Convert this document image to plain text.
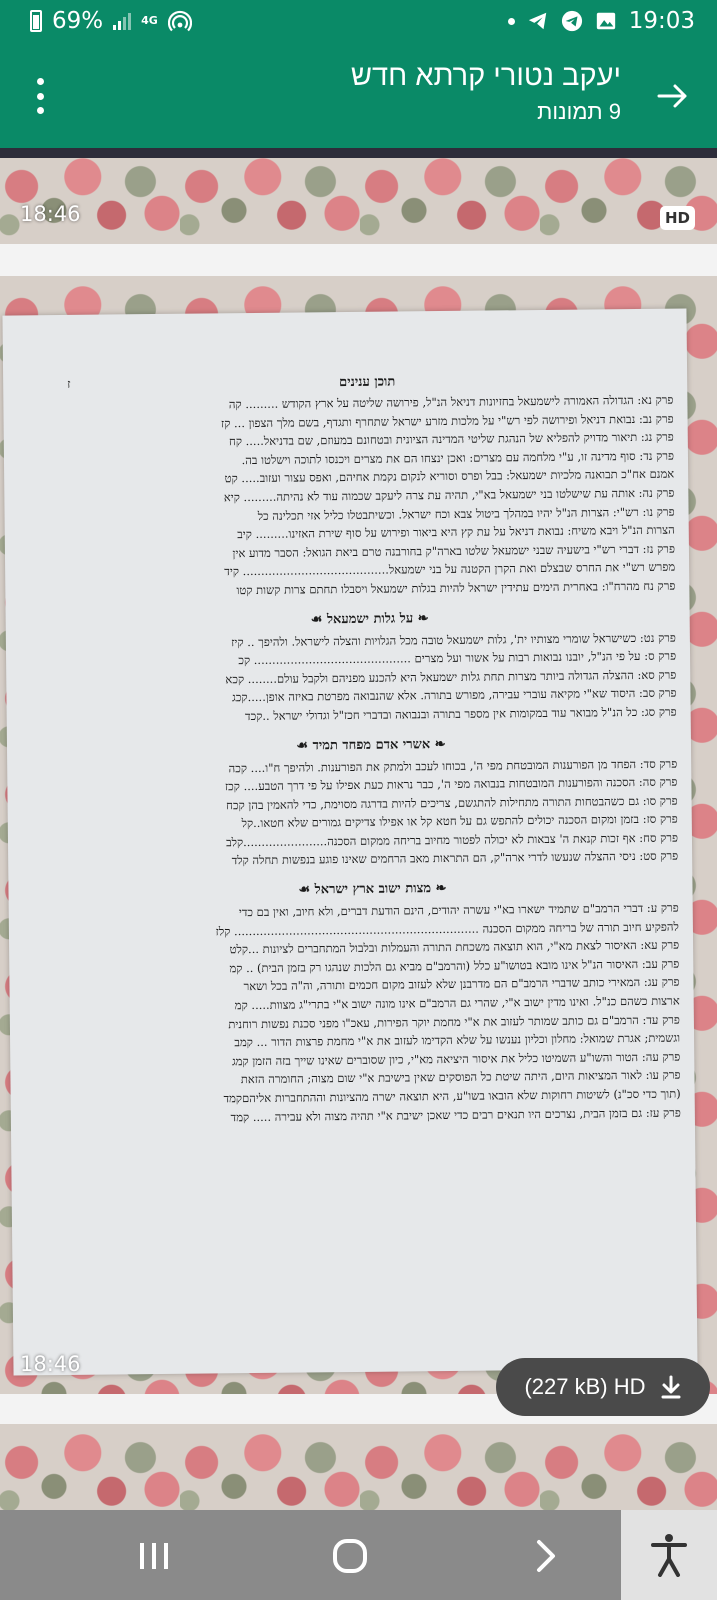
69%	4G	19:03
יעקב נטורי קרתא חדש
9 תמונות
18:46	HD
ז	תוכן ענינים
פרק נא: הגדולה האמורה לישמעאל בחזיונות דניאל הנ"ל, פירושה שליטה על ארץ הקודש ......... קה
פרק נב: נבואת דניאל ופירושה לפי רש"י על מלכות מזרע ישראל שתחרף ותגדף, בשם מלך הצפון ... קז
פרק נג: תיאור מדויק להפליא של הנהגת שליטי המדינה הציונית ובטחונם במעוזם, שם בדניאל..... קח
פרק נד: סוף מדינה זו, ע"י מלחמה עם מצרים: ואכן ינצחו הם את מצרים ויכנסו לתוכה וישלטו בה.
אמנם אח"כ תבואנה מלכיות ישמעאל: בבל ופרס וסוריא לנקום נקמת אחיהם, ואפס עצור ועזוב..... קט
פרק נה: אותה עת שישלטו בני ישמעאל בא"י, תהיה עת צרה ליעקב שכמוה עוד לא נהיתה......... קיא
פרק נו: רש"י: הצרות הנ"ל יהיו במהלך ביטול צבא וכח ישראל. וכשיתבטלו כליל אזי תכלינה כל
הצרות הנ"ל ויבא משיח: נבואת דניאל על עת קץ היא ביאור ופירוש על סוף שירת האזינו......... קיב
פרק נז: דברי רש"י בישעיה שבני ישמעאל שלטו בארה"ק בחורבנה טרם ביאת הגואל: הסבר מדוע אין
מפרש רש"י את החרס שבצלם ואת הקרן הקטנה על בני ישמעאל........................................ קיד
פרק נח מהרח"ו: באחרית הימים עתידין ישראל להיות בגלות ישמעאל ויסבלו תחתם צרות קשות קטו
❧ על גלות ישמעאל ☙
פרק נט: כשישראל שומרי מצותיו ית', גלות ישמעאל טובה מכל הגלויות והצלה לישראל. ולהיפך .. קיז
פרק ס: על פי הנ"ל, יובנו נבואות רבות על אשור ועל מצרים ........................................... קכ
פרק סא: ההצלה הגדולה ביותר מצרות תחת גלות ישמעאל היא להכנע מפניהם ולקבל עולם........ קכא
פרק סב: היסוד שא"י מקיאה עוברי עבירה, מפורש בתורה. אלא שהנבואה מפרטת באיזה אופן.....קכג
פרק סג: כל הנ"ל מבואר עוד במקומות אין מספר בתורה ובנבואה ובדברי חכז"ל וגדולי ישראל ..קכד
❧ אשרי אדם מפחד תמיד ☙
פרק סד: הפחד מן הפורענות המובטחת מפי ה', בכוחו לעכב ולמתק את הפורענות. ולהיפך ח"ו.... קכה
פרק סה: הסכנה והפורענות המובטחות בנבואה מפי ה', כבר נראות כעת אפילו על פי דרך הטבע.... קכז
פרק סו: גם כשהבטחות התורה מתחילות להתגשם, צריכים להיות בדרגה מסוימת, כדי להאמין בהן קכח
פרק סז: בזמן ומקום הסכנה יכולים להתפש גם על חטא קל או אפילו צדיקים גמורים שלא חטאו..קל
פרק סח: אף זכות קנאת ה' צבאות לא יכולה לפטור מחיוב בריחה ממקום הסכנה.......................קלב
פרק סט: ניסי ההצלה שנעשו לדרי ארה"ק, הם התראות מאב הרחמים שאינו פוגע בנפשות תחלה קלד
❧ מצות ישוב ארץ ישראל ☙
פרק ע: דברי הרמב"ם שתמיד ישארו בא"י עשרה יהודים, הינם הודעת דברים, ולא חיוב, ואין בם כדי
להפקיע חיוב תורה של בריחה ממקום הסכנה ................................................................... קלז
פרק עא: האיסור לצאת מא"י, הוא תוצאה משכחת התורה והעמלות ובלבול המתחברים לציונות ...קלט
פרק עב: האיסור הנ"ל אינו מובא בטושו"ע כלל (והרמב"ם מביא גם הלכות שנהגו רק בזמן הבית) .. קמ
פרק עג: המאירי כותב שדברי הרמב"ם הם מדרבנן שלא לעזוב מקום חכמים ותורה, וה"ה בכל ושאר
ארצות כשהם כנ"ל. ואינו מדין ישוב א"י, שהרי גם הרמב"ם אינו מונה ישוב א"י בתרי"ג מצוות..... קמ
פרק עד: הרמב"ם גם כותב שמותר לעזוב את א"י מחמת יוקר הפירות, עאכ"ו מפני סכנת נפשות רוחנית
וגשמית; אגרת שמואל: מחלון וכליון נענשו על שלא הקדימו לעזוב את א"י מחמת פרצות הדור ... קמב
פרק עה: הטור והשו"ע השמיטו כליל את איסור היציאה מא"י, כיון שסוברים שאינו שייך בזה הזמן קמג
פרק עו: לאור המציאות היום, היתה שיטת כל הפוסקים שאין בישיבת א"י שום מצוה; החומרה הזאת
(תוך כדי סכ"נ) לשיטות רחוקות שלא הובאו בשו"ע, היא תוצאה ישרה מהציונות וההתחברות אליהםקמד
פרק עז: גם בזמן הבית, נצרכים היו תנאים רבים כדי שאכן ישיבת א"י תהיה מצוה ולא עבירה ..... קמד
18:46
(227 kB) HD
